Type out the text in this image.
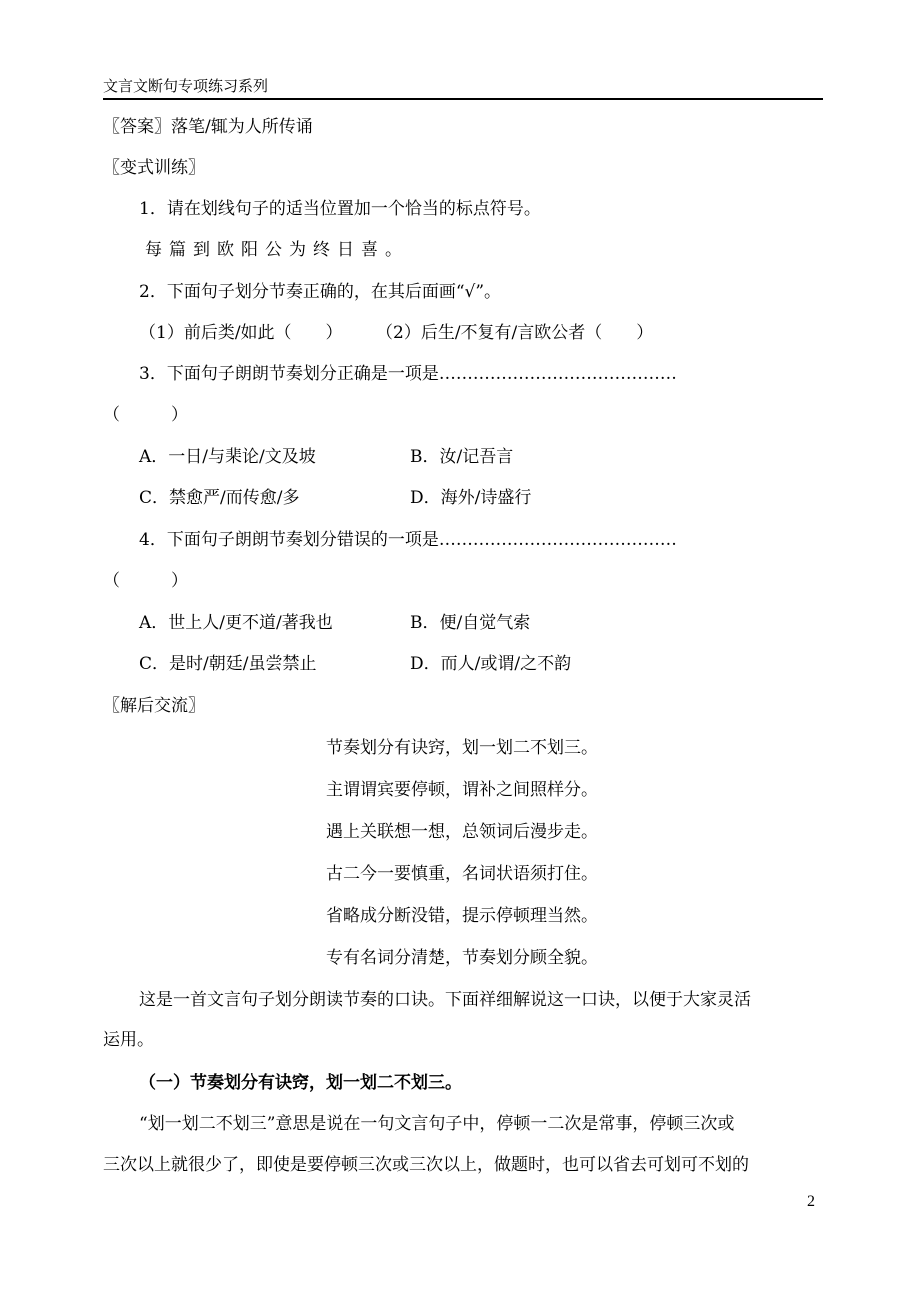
文言文断句专项练习系列
〖答案〗落笔/辄为人所传诵
〖变式训练〗
1．请在划线句子的适当位置加一个恰当的标点符号。
每篇到欧阳公为终日喜。
2．下面句子划分节奏正确的，在其后面画“√”。
（1）前后类/如此（　　） （2）后生/不复有/言欧公者（　　）
3．下面句子朗朗节奏划分正确是一项是……………………………………
（　　　）
A．一日/与棐论/文及坡	B．汝/记吾言
C．禁愈严/而传愈/多	D．海外/诗盛行
4．下面句子朗朗节奏划分错误的一项是……………………………………
（　　　）
A．世上人/更不道/著我也	B．便/自觉气索
C．是时/朝廷/虽尝禁止	D．而人/或谓/之不韵
〖解后交流〗
节奏划分有诀窍，划一划二不划三。
主谓谓宾要停顿，谓补之间照样分。
遇上关联想一想，总领词后漫步走。
古二今一要慎重，名词状语须打住。
省略成分断没错，提示停顿理当然。
专有名词分清楚，节奏划分顾全貌。
这是一首文言句子划分朗读节奏的口诀。下面祥细解说这一口诀，以便于大家灵活
运用。
（一）节奏划分有诀窍，划一划二不划三。
“划一划二不划三”意思是说在一句文言句子中，停顿一二次是常事，停顿三次或
三次以上就很少了，即使是要停顿三次或三次以上，做题时，也可以省去可划可不划的
2
